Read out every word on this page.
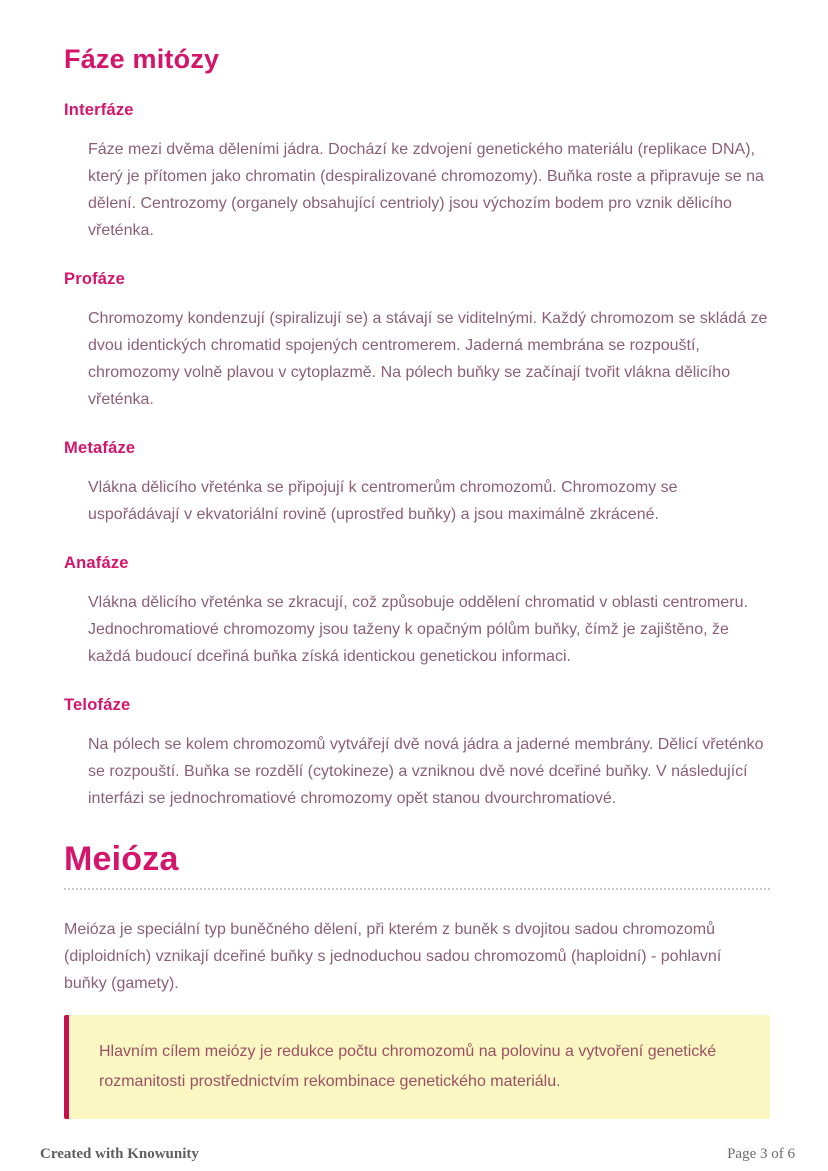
Fáze mitózy
Interfáze

Fáze mezi dvěma děleními jádra. Dochází ke zdvojení genetického materiálu (replikace DNA), který je přítomen jako chromatin (despiralizované chromozomy). Buňka roste a připravuje se na dělení. Centrozomy (organely obsahující centrioly) jsou výchozím bodem pro vznik dělicího vřeténka.

Profáze

Chromozomy kondenzují (spiralizují se) a stávají se viditelnými. Každý chromozom se skládá ze dvou identických chromatid spojených centromerem. Jaderná membrána se rozpouští, chromozomy volně plavou v cytoplazmě. Na pólech buňky se začínají tvořit vlákna dělicího vřeténka.

Metafáze

Vlákna dělicího vřeténka se připojují k centromerům chromozomů. Chromozomy se uspořádávají v ekvatoriální rovině (uprostřed buňky) a jsou maximálně zkrácené.

Anafáze

Vlákna dělicího vřeténka se zkracují, což způsobuje oddělení chromatid v oblasti centromeru. Jednochromatiové chromozomy jsou taženy k opačným pólům buňky, čímž je zajištěno, že každá budoucí dceřiná buňka získá identickou genetickou informaci.

Telofáze

Na pólech se kolem chromozomů vytvářejí dvě nová jádra a jaderné membrány. Dělicí vřeténko se rozpouští. Buňka se rozdělí (cytokineze) a vzniknou dvě nové dceřiné buňky. V následující interfázi se jednochromatiové chromozomy opět stanou dvourchromatiové.

Meióza

Meióza je speciální typ buněčného dělení, při kterém z buněk s dvojitou sadou chromozomů (diploidních) vznikají dceřiné buňky s jednoduchou sadou chromozomů (haploidní) - pohlavní buňky (gamety).

Hlavním cílem meiózy je redukce počtu chromozomů na polovinu a vytvoření genetické rozmanitosti prostřednictvím rekombinace genetického materiálu.

Created with Knowunity	Page 3 of 6
